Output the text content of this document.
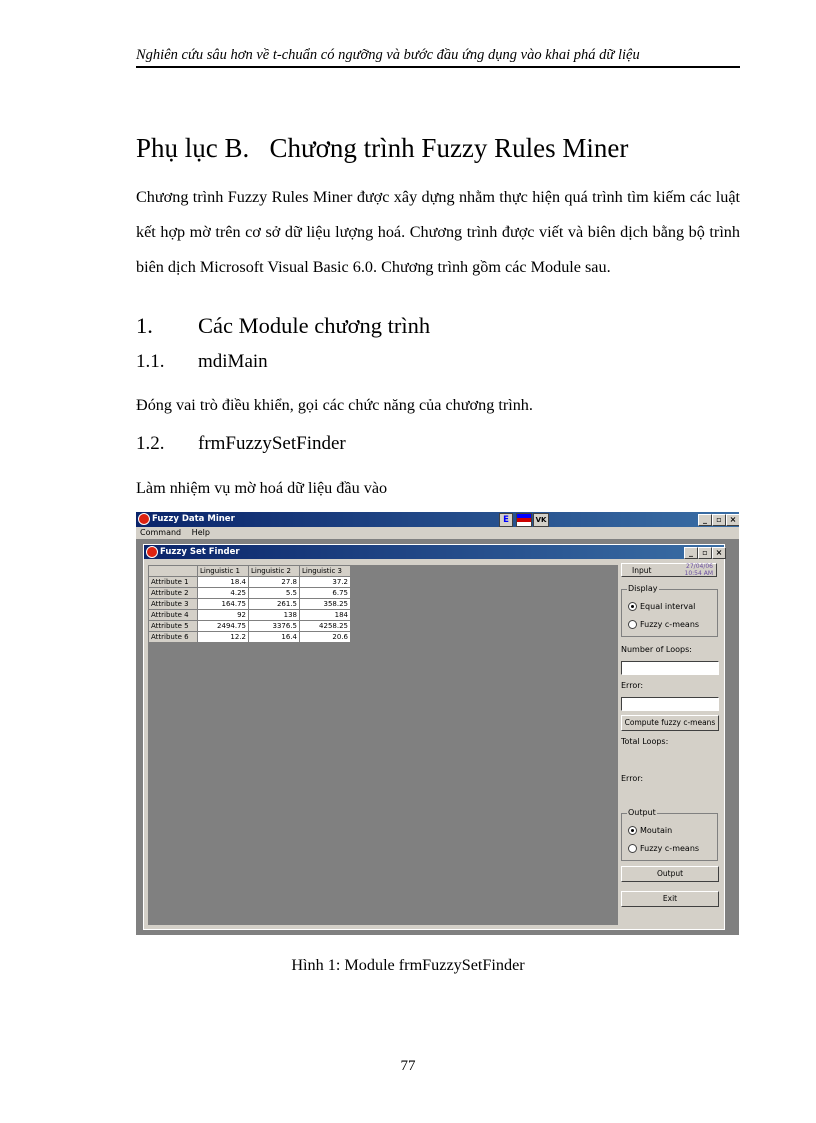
Nghiên cứu sâu hơn về t-chuẩn có ngưỡng và bước đầu ứng dụng vào khai phá dữ liệu
Phụ lục B.   Chương trình Fuzzy Rules Miner
Chương trình Fuzzy Rules Miner được xây dựng nhằm thực hiện quá trình tìm kiếm các luật kết hợp mờ trên cơ sở dữ liệu lượng hoá. Chương trình được viết và biên dịch bằng bộ trình biên dịch Microsoft Visual Basic 6.0. Chương trình gồm các Module sau.
1. Các Module chương trình
1.1. mdiMain
Đóng vai trò điều khiển, gọi các chức năng của chương trình.
1.2. frmFuzzySetFinder
Làm nhiệm vụ mờ hoá dữ liệu đầu vào
Fuzzy Data Miner	E	VK	_	▫ ×
Command Help
Fuzzy Set Finder	_	▫ ×
	Linguistic 1	Linguistic 2	Linguistic 3
Attribute 1	18.4	27.8	37.2
Attribute 2	4.25	5.5	6.75
Attribute 3	164.75	261.5	358.25
Attribute 4	92	138	184
Attribute 5	2494.75	3376.5	4258.25
Attribute 6	12.2	16.4	20.6
Input	27/04/06
10:54 AM
Display
Equal interval
Fuzzy c-means
Number of Loops:
Error:
Compute fuzzy c-means
Total Loops:
Error:
Output
Moutain
Fuzzy c-means
Output
Exit
Hình 1: Module frmFuzzySetFinder
77
